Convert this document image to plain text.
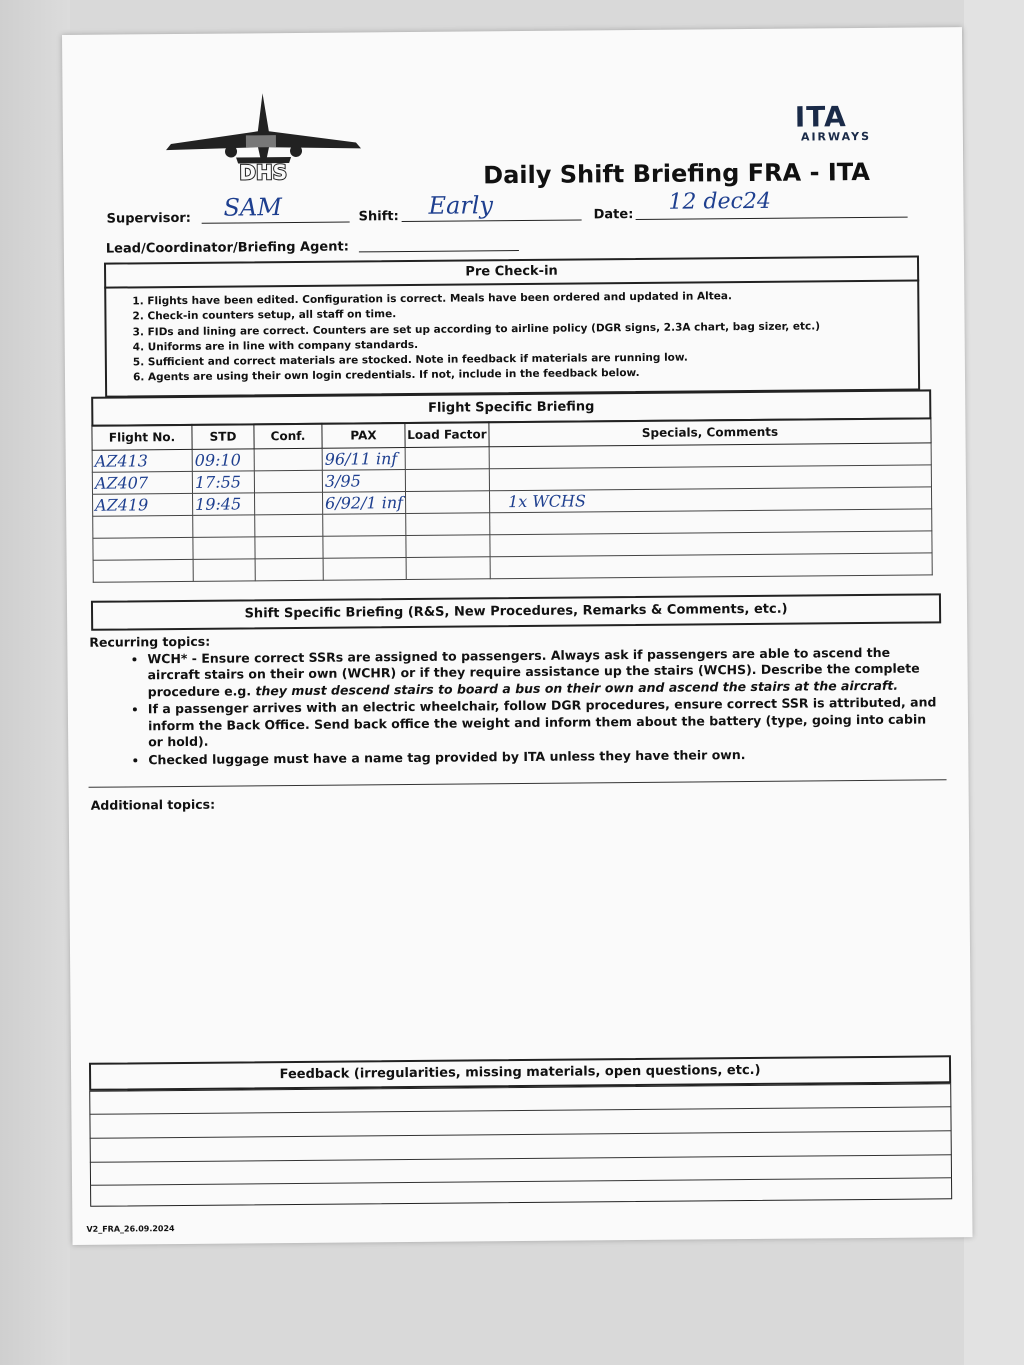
DHS
ITA
AIRWAYS
Daily Shift Briefing FRA - ITA
Supervisor: SAM	Shift: Early	Date: 12 dec24
Lead/Coordinator/Briefing Agent:
Pre Check-in
1. Flights have been edited. Configuration is correct. Meals have been ordered and updated in Altea.
2. Check-in counters setup, all staff on time.
3. FIDs and lining are correct. Counters are set up according to airline policy (DGR signs, 2.3A chart, bag sizer, etc.)
4. Uniforms are in line with company standards.
5. Sufficient and correct materials are stocked. Note in feedback if materials are running low.
6. Agents are using their own login credentials. If not, include in the feedback below.
Flight Specific Briefing
Flight No.	STD	Conf.	PAX	Load Factor	Specials, Comments
AZ413	09:10		96/11 inf		
AZ407	17:55		3/95		
AZ419	19:45		6/92/1 inf		1x WCHS

Shift Specific Briefing (R&S, New Procedures, Remarks & Comments, etc.)
Recurring topics:
• WCH* - Ensure correct SSRs are assigned to passengers. Always ask if passengers are able to ascend the aircraft stairs on their own (WCHR) or if they require assistance up the stairs (WCHS). Describe the complete procedure e.g. they must descend stairs to board a bus on their own and ascend the stairs at the aircraft.
• If a passenger arrives with an electric wheelchair, follow DGR procedures, ensure correct SSR is attributed, and inform the Back Office. Send back office the weight and inform them about the battery (type, going into cabin or hold).
• Checked luggage must have a name tag provided by ITA unless they have their own.
Additional topics:
Feedback (irregularities, missing materials, open questions, etc.)
V2_FRA_26.09.2024
